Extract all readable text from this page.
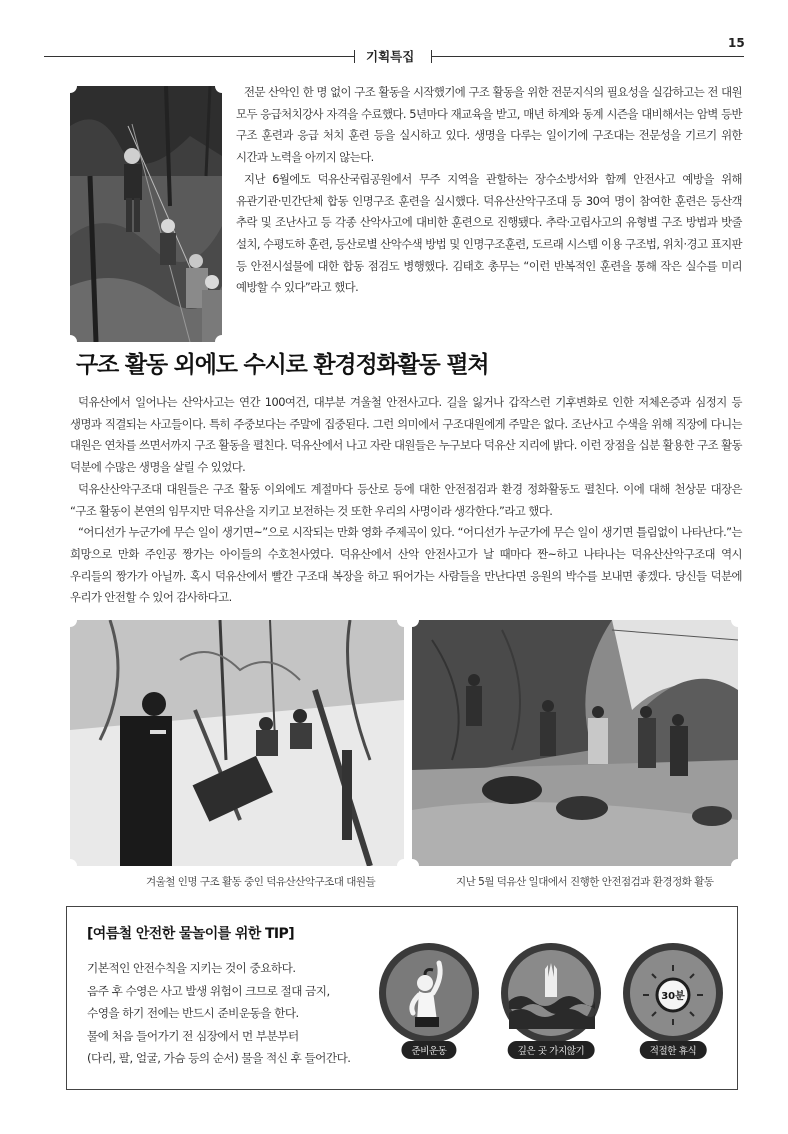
기획특집
15

전문 산악인 한 명 없이 구조 활동을 시작했기에 구조 활동을 위한 전문지식의 필요성을 실감하고는 전 대원 모두 응급처치강사 자격을 수료했다. 5년마다 재교육을 받고, 매년 하계와 동계 시즌을 대비해서는 암벽 등반 구조 훈련과 응급 처치 훈련 등을 실시하고 있다. 생명을 다루는 일이기에 구조대는 전문성을 기르기 위한 시간과 노력을 아끼지 않는다.

지난 6월에도 덕유산국립공원에서 무주 지역을 관할하는 장수소방서와 함께 안전사고 예방을 위해 유관기관·민간단체 합동 인명구조 훈련을 실시했다. 덕유산산악구조대 등 30여 명이 참여한 훈련은 등산객 추락 및 조난사고 등 각종 산악사고에 대비한 훈련으로 진행됐다. 추락·고립사고의 유형별 구조 방법과 밧줄 설치, 수평도하 훈련, 등산로별 산악수색 방법 및 인명구조훈련, 도르래 시스템 이용 구조법, 위치·경고 표지판 등 안전시설물에 대한 합동 점검도 병행했다. 김태호 총무는 “이런 반복적인 훈련을 통해 작은 실수를 미리 예방할 수 있다”라고 했다.

구조 활동 외에도 수시로 환경정화활동 펼쳐

덕유산에서 일어나는 산악사고는 연간 100여건, 대부분 겨울철 안전사고다. 길을 잃거나 갑작스런 기후변화로 인한 저체온증과 심정지 등 생명과 직결되는 사고들이다. 특히 주중보다는 주말에 집중된다. 그런 의미에서 구조대원에게 주말은 없다. 조난사고 수색을 위해 직장에 다니는 대원은 연차를 쓰면서까지 구조 활동을 펼친다. 덕유산에서 나고 자란 대원들은 누구보다 덕유산 지리에 밝다. 이런 장점을 십분 활용한 구조 활동 덕분에 수많은 생명을 살릴 수 있었다.

덕유산산악구조대 대원들은 구조 활동 이외에도 계절마다 등산로 등에 대한 안전점검과 환경 정화활동도 펼친다. 이에 대해 천상문 대장은 “구조 활동이 본연의 임무지만 덕유산을 지키고 보전하는 것 또한 우리의 사명이라 생각한다.”라고 했다.

“어디선가 누군가에 무슨 일이 생기면~”으로 시작되는 만화 영화 주제곡이 있다. “어디선가 누군가에 무슨 일이 생기면 틀림없이 나타난다.”는 희망으로 만화 주인공 짱가는 아이들의 수호천사였다. 덕유산에서 산악 안전사고가 날 때마다 짠~하고 나타나는 덕유산산악구조대 역시 우리들의 짱가가 아닐까. 혹시 덕유산에서 빨간 구조대 복장을 하고 뛰어가는 사람들을 만난다면 응원의 박수를 보내면 좋겠다. 당신들 덕분에 우리가 안전할 수 있어 감사하다고.

겨울철 인명 구조 활동 중인 덕유산산악구조대 대원들	지난 5월 덕유산 일대에서 진행한 안전점검과 환경정화 활동
[여름철 안전한 물놀이를 위한 TIP]
기본적인 안전수칙을 지키는 것이 중요하다.
음주 후 수영은 사고 발생 위험이 크므로 절대 금지,
수영을 하기 전에는 반드시 준비운동을 한다.
물에 처음 들어가기 전 심장에서 먼 부분부터
(다리, 팔, 얼굴, 가슴 등의 순서) 물을 적신 후 들어간다.	준비운동	깊은 곳 가지않기
30분
적절한 휴식
